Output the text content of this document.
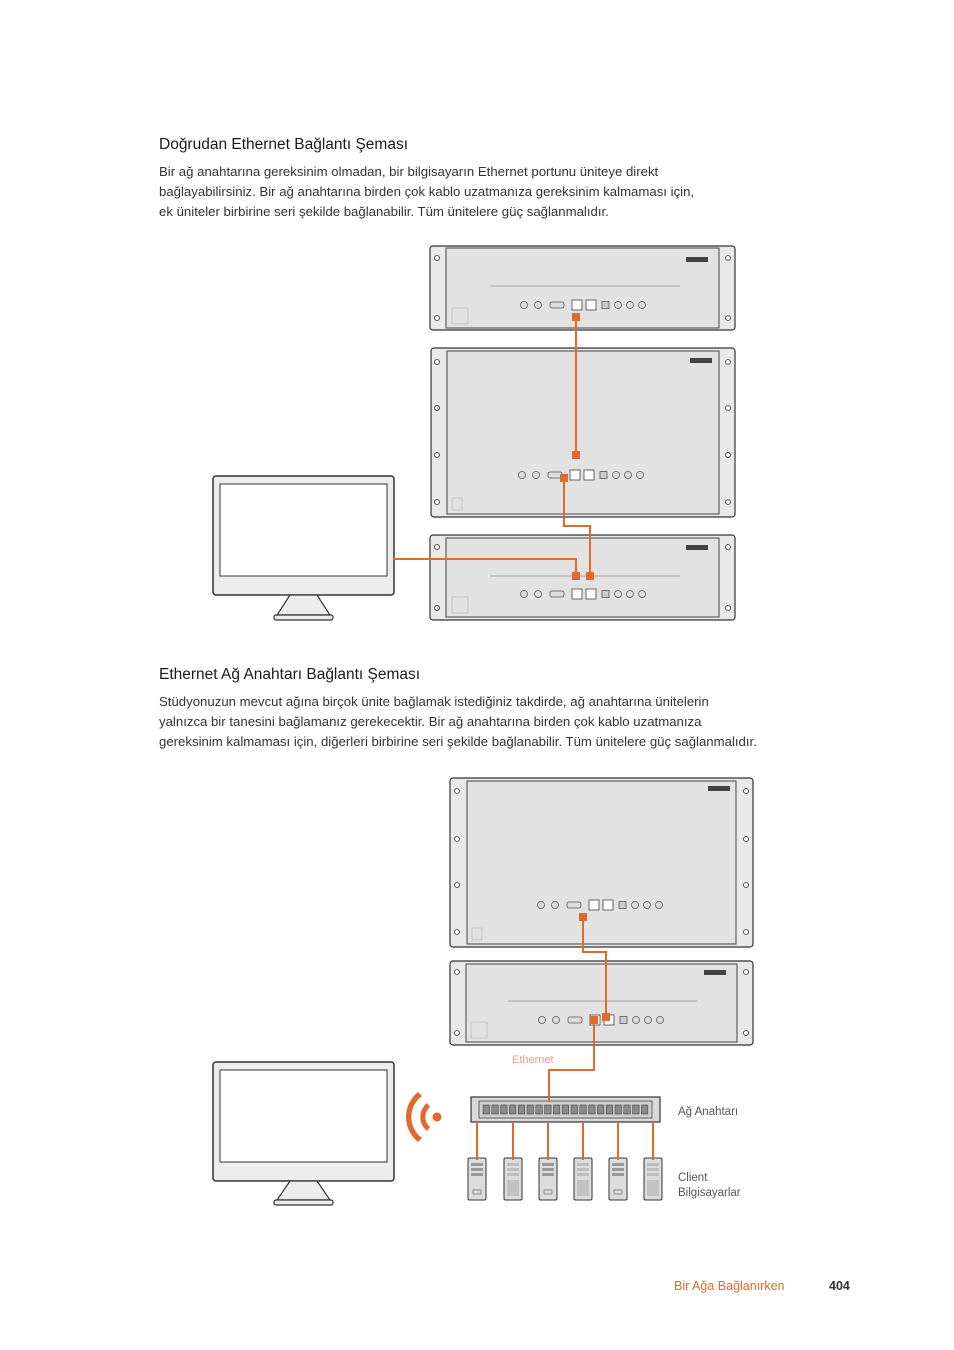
Doğrudan Ethernet Bağlantı Şeması

Bir ağ anahtarına gereksinim olmadan, bir bilgisayarın Ethernet portunu üniteye direkt
bağlayabilirsiniz. Bir ağ anahtarına birden çok kablo uzatmanıza gereksinim kalmaması için,
ek üniteler birbirine seri şekilde bağlanabilir. Tüm ünitelere güç sağlanmalıdır.

Ethernet Ağ Anahtarı Bağlantı Şeması

Stüdyonuzun mevcut ağına birçok ünite bağlamak istediğiniz takdirde, ağ anahtarına ünitelerin
yalnızca bir tanesini bağlamanız gerekecektir. Bir ağ anahtarına birden çok kablo uzatmanıza
gereksinim kalmaması için, diğerleri birbirine seri şekilde bağlanabilir. Tüm ünitelere güç sağlanmalıdır.

Ethernet
Ağ Anahtarı
Client
Bilgisayarlar
Bir Ağa Bağlanırken	404
